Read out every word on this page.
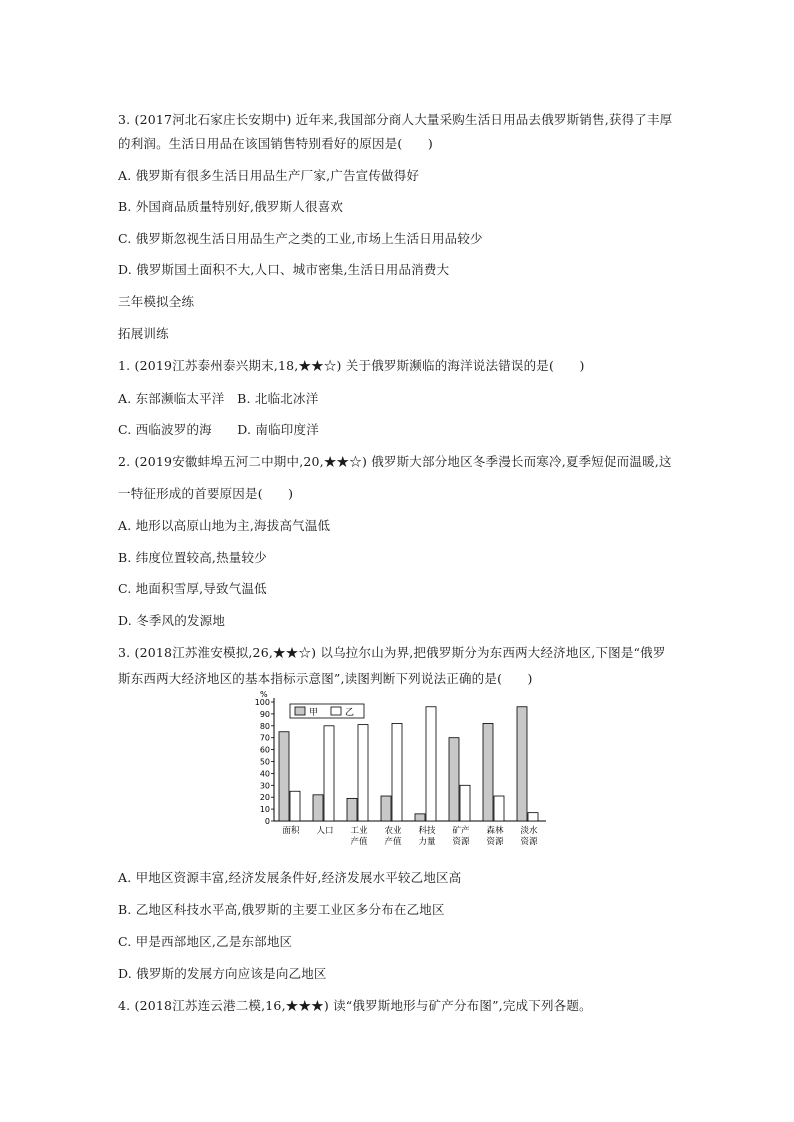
3. (2017河北石家庄长安期中) 近年来,我国部分商人大量采购生活日用品去俄罗斯销售,获得了丰厚
的利润。生活日用品在该国销售特别看好的原因是(　　)
A. 俄罗斯有很多生活日用品生产厂家,广告宣传做得好
B. 外国商品质量特别好,俄罗斯人很喜欢
C. 俄罗斯忽视生活日用品生产之类的工业,市场上生活日用品较少
D. 俄罗斯国土面积不大,人口、城市密集,生活日用品消费大
三年模拟全练
拓展训练
1. (2019江苏泰州泰兴期末,18,★★☆) 关于俄罗斯濒临的海洋说法错误的是(　　)
A. 东部濒临太平洋　B. 北临北冰洋
C. 西临波罗的海　　D. 南临印度洋
2. (2019安徽蚌埠五河二中期中,20,★★☆) 俄罗斯大部分地区冬季漫长而寒冷,夏季短促而温暖,这
一特征形成的首要原因是(　　)
A. 地形以高原山地为主,海拔高气温低
B. 纬度位置较高,热量较少
C. 地面积雪厚,导致气温低
D. 冬季风的发源地
3. (2018江苏淮安模拟,26,★★☆) 以乌拉尔山为界,把俄罗斯分为东西两大经济地区,下图是“俄罗
斯东西两大经济地区的基本指标示意图”,读图判断下列说法正确的是(　　)
A. 甲地区资源丰富,经济发展条件好,经济发展水平较乙地区高
B. 乙地区科技水平高,俄罗斯的主要工业区多分布在乙地区
C. 甲是西部地区,乙是东部地区
D. 俄罗斯的发展方向应该是向乙地区
4. (2018江苏连云港二模,16,★★★) 读“俄罗斯地形与矿产分布图”,完成下列各题。
%
0
10
20
30
40
50
60
70
80
90
100
面积 人口 工业
产值
农业
产值
科技
力量
矿产
资源
森林
资源
淡水
资源
甲	乙
